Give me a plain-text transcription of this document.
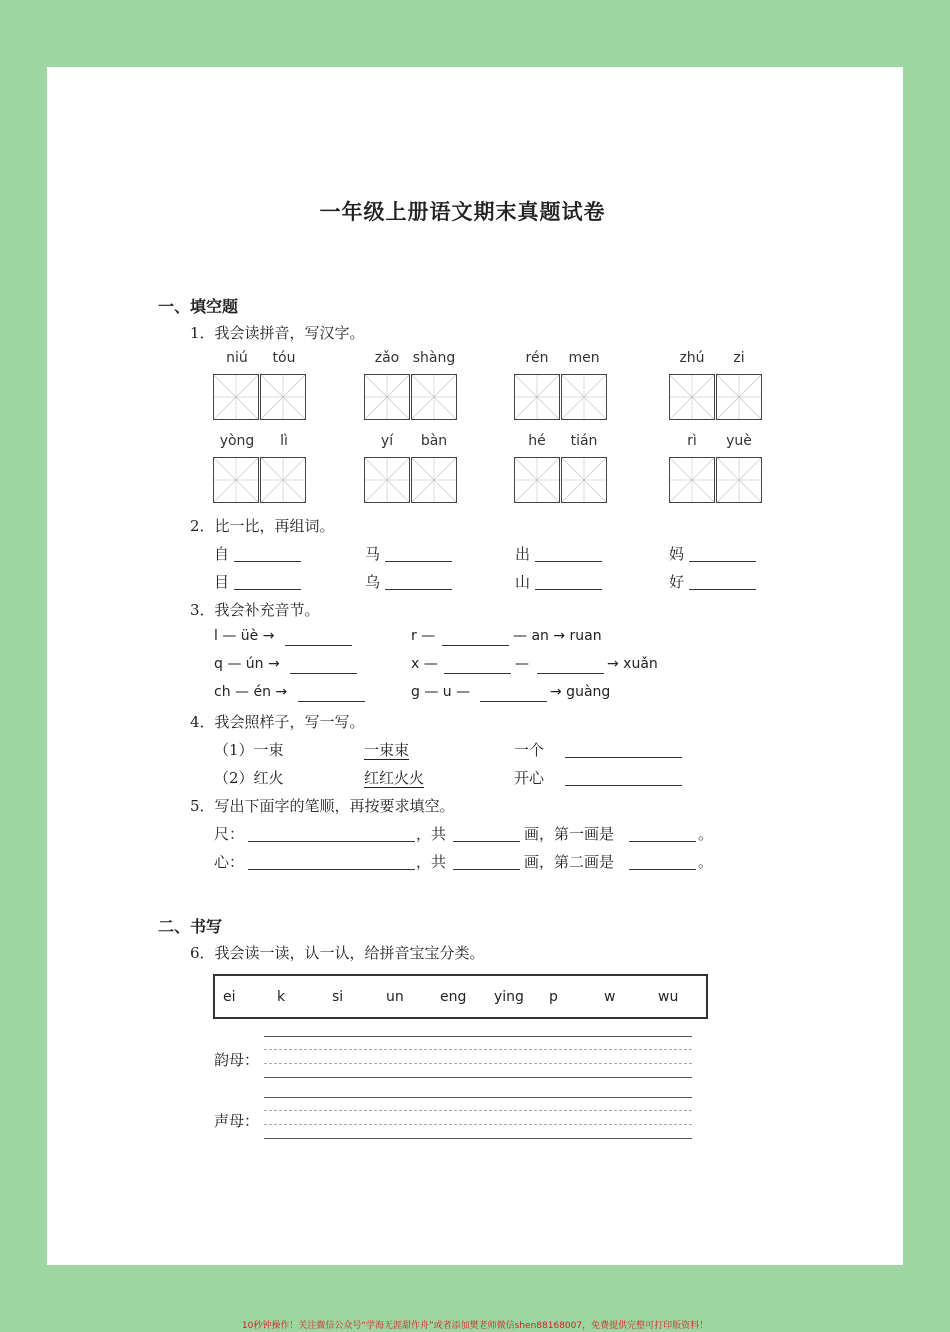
一年级上册语文期末真题试卷
一、填空题
1．我会读拼音，写汉字。
niú	tóu	zǎo shàng	rén	men	zhú	zi
yòng	lì	yí	bàn	hé	tián	rì	yuè
2．比一比，再组词。
自	马	出	妈
目	乌	山	好
3．我会补充音节。
l — üè →	r —	— an → ruan
q — ún →	x —	—	→ xuǎn
ch — én →	g — u —	→ guàng
4．我会照样子，写一写。
（1）一束	一束束	一个
（2）红火	红红火火	开心
5．写出下面字的笔顺，再按要求填空。
尺：	，共	画，第一画是	。
心：	，共	画，第二画是	。
二、书写
6．我会读一读，认一认，给拼音宝宝分类。
ei	k	si	un	eng ying p	w	wu
韵母：
声母：
10秒钟操作！关注微信公众号“学海无涯甜作舟”或者添加樊老师微信shen88168007，免费提供完整可打印版资料！
